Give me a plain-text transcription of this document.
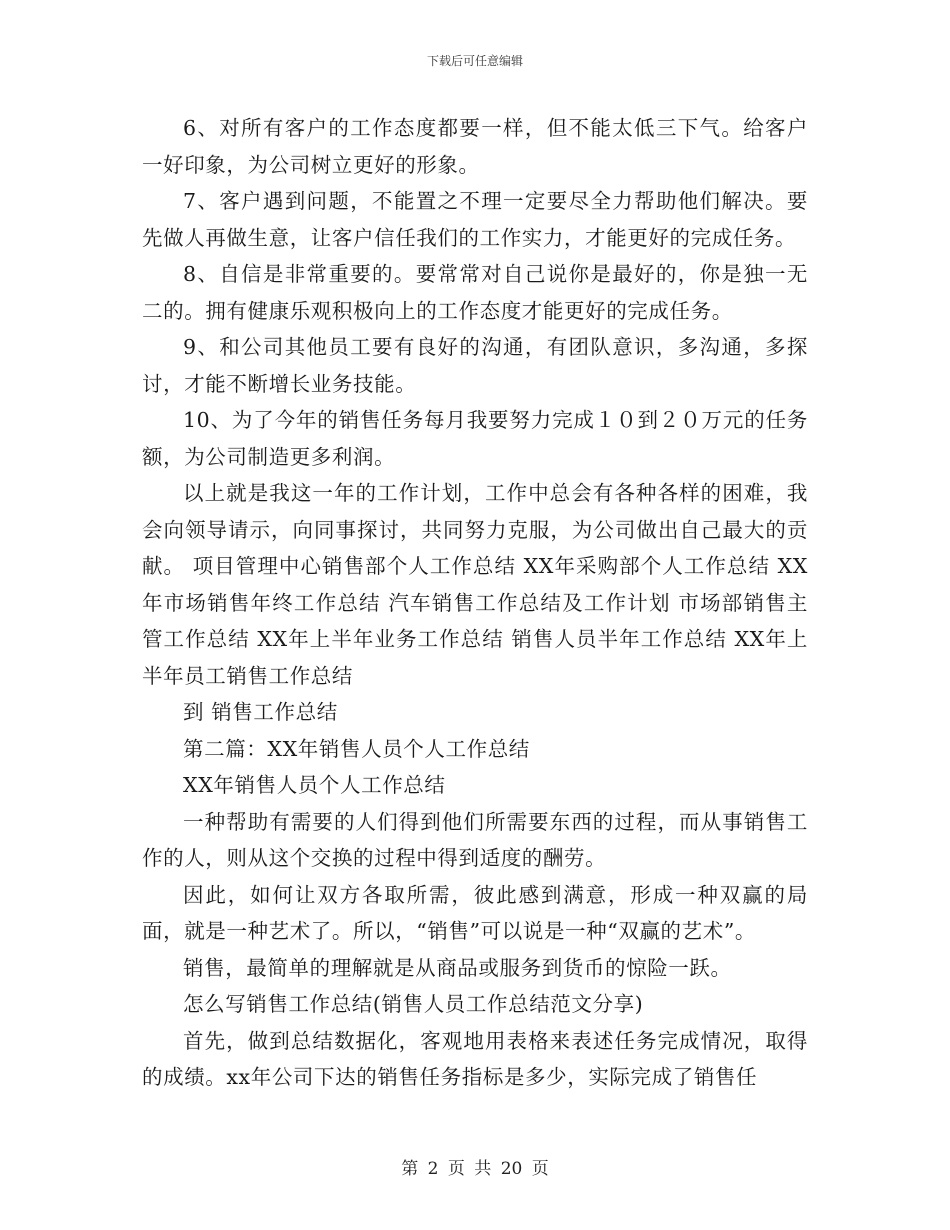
下载后可任意编辑

6、对所有客户的工作态度都要一样，但不能太低三下气。给客户一好印象，为公司树立更好的形象。

7、客户遇到问题，不能置之不理一定要尽全力帮助他们解决。要先做人再做生意，让客户信任我们的工作实力，才能更好的完成任务。

8、自信是非常重要的。要常常对自己说你是最好的，你是独一无二的。拥有健康乐观积极向上的工作态度才能更好的完成任务。

9、和公司其他员工要有良好的沟通，有团队意识，多沟通，多探讨，才能不断增长业务技能。

10、为了今年的销售任务每月我要努力完成１０到２０万元的任务额，为公司制造更多利润。

以上就是我这一年的工作计划，工作中总会有各种各样的困难，我会向领导请示，向同事探讨，共同努力克服，为公司做出自己最大的贡献。 项目管理中心销售部个人工作总结 XX年采购部个人工作总结 XX年市场销售年终工作总结 汽车销售工作总结及工作计划 市场部销售主管工作总结 XX年上半年业务工作总结 销售人员半年工作总结 XX年上半年员工销售工作总结

到 销售工作总结

第二篇：XX年销售人员个人工作总结

XX年销售人员个人工作总结

一种帮助有需要的人们得到他们所需要东西的过程，而从事销售工作的人，则从这个交换的过程中得到适度的酬劳。

因此，如何让双方各取所需，彼此感到满意，形成一种双赢的局面，就是一种艺术了。所以，“销售”可以说是一种“双赢的艺术”。

销售，最简单的理解就是从商品或服务到货币的惊险一跃。

怎么写销售工作总结(销售人员工作总结范文分享)

首先，做到总结数据化，客观地用表格来表述任务完成情况，取得的成绩。xx年公司下达的销售任务指标是多少，实际完成了销售任

第 2 页 共 20 页
